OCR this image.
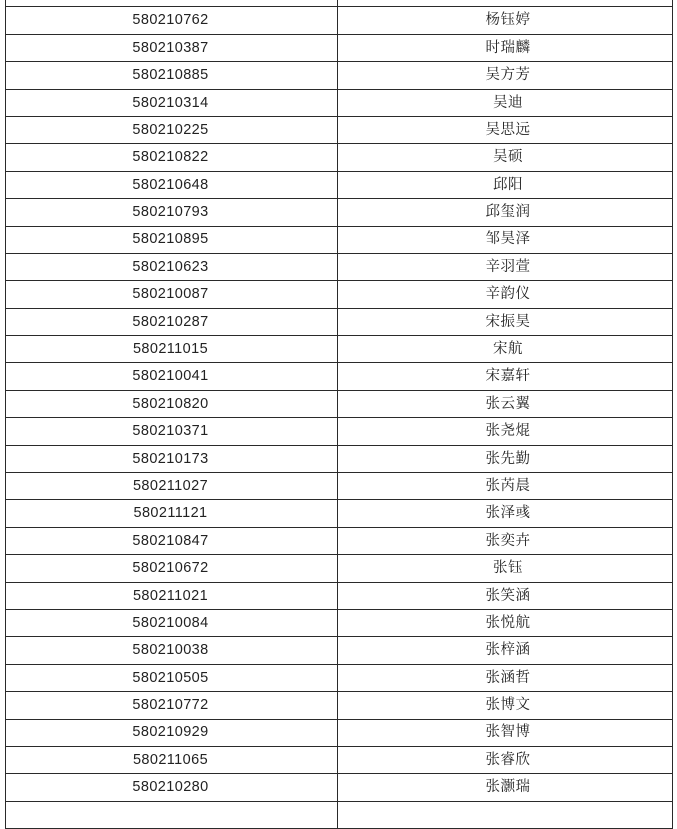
580210762	杨钰婷
580210387	时瑞麟
580210885	吴方芳
580210314	吴迪
580210225	吴思远
580210822	吴硕
580210648	邱阳
580210793	邱玺润
580210895	邹昊泽
580210623	辛羽萱
580210087	辛韵仪
580210287	宋振昊
580211015	宋航
580210041	宋嘉轩
580210820	张云翼
580210371	张尧焜
580210173	张先勤
580211027	张芮晨
580211121	张泽彧
580210847	张奕卉
580210672	张钰
580211021	张笑涵
580210084	张悦航
580210038	张梓涵
580210505	张涵哲
580210772	张博文
580210929	张智博
580211065	张睿欣
580210280	张灏瑞
